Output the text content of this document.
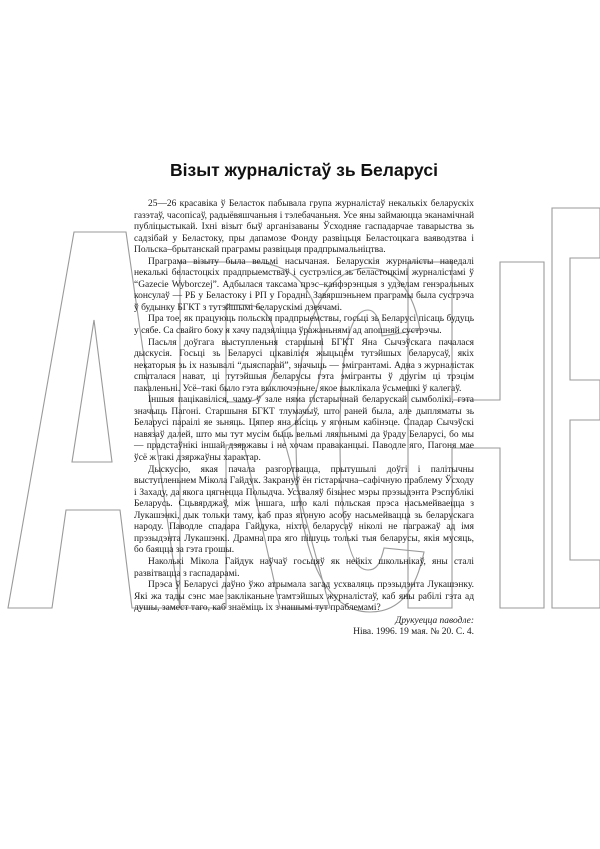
Візыт журналістаў зь Беларусі

25—26 красавіка ў Беласток пабывала група журналістаў некалькіх беларускіх газэтаў, часопісаў, радыёвяшчаньня і тэлебачаньня. Усе яны займаюцца эканамічнай публіцыстыкай. Іхні візыт быў арганізаваны Ўсходняе гаспадарчае таварыства зь садзібай у Беластоку, пры дапамозе Фонду развіцьця Беластоцкага ваяводзтва і Польска–брытанскай праграмы развіцьця прадпрымальніцтва.

Праграма візыту была вельмі насычаная. Беларускія журналісты наведалі некалькі беластоцкіх прадпрыемстваў і сустрэліся зь беластоцкімі журналістамі ў “Gazecie Wyborczej”. Адбылася таксама прэс–канфэрэнцыя з удзелам генэральных консулаў — РБ у Беластоку і РП у Горадні. Завяршэньнем праграмы была сустрэча ў будынку БГКТ з тутэйшымі беларускімі дзеячамі.

Пра тое, як працуюць польскія прадпрыемствы, госьці зь Беларусі пісаць будуць у сябе. Са свайго боку я хачу падзяліцца ўражаньнямі ад апошняй сустрэчы.

Пасьля доўгага выступленьня старшыні БГКТ Яна Сычэўскага пачалася дыскусія. Госьці зь Беларусі цікавіліся жыцьцём тутэйшых беларусаў, якіх некаторыя зь іх называлі “дыяспарай”, значыць — эмігрантамі. Адна з журналістак спыталася нават, ці тутэйшыя беларусы гэта эмігранты ў другім ці трэцім пакаленьні. Усё–такі было гэта выключэньне, якое выклікала ўсьмешкі ў калегаў.

Іншыя пацікавіліся, чаму ў зале няма гістарычнай беларускай сымболікі, гэта значыць Пагоні. Старшыня БГКТ тлумачыў, што раней была, але дыпляматы зь Беларусі параілі яе зьняць. Цяпер яна вісіць у ягоным кабінэце. Спадар Сычэўскі навязаў далей, што мы тут мусім быць вельмі ляяльнымі да ўраду Беларусі, бо мы — прадстаўнікі іншай дзяржавы і не хочам праваканцыі. Паводле яго, Пагоня мае ўсё ж такі дзяржаўны характар.

Дыскусію, якая пачала разгортвацца, прытушылі доўгі і палітычны выступленьнем Мікола Гайдук. Закрануў ён гістарычна–сафічную праблему Ўсходу і Захаду, да якога цягнецца Полыдча. Усхваляў бізьнес мэры прэзыдэнта Рэспублікі Беларусь. Сцьвярджаў, між іншага, што калі польская прэса насьмейваецца з Лукашэнкі, дык тольки таму, каб праз ягоную асобу насьмейвацца зь беларускага народу. Паводле спадара Гайдука, ніхто беларусаў ніколі не пагражаў ад імя прэзыдэнта Лукашэнкі. Драмна пра яго пішуць толькі тыя беларусы, якія мусяць, бо баяцца за гэта грошы.

Наколькі Мікола Гайдук наўчаў госьцяў як нейкіх школьнікаў, яны сталі развітвацца з гаспадарамі.

Прэса ў Беларусі даўно ўжо атрымала загад усхваляць прэзыдэнта Лукашэнку. Які жа тады сэнс мае закліканьне тамтэйшых журналістаў, каб яны рабілі гэта ад душы, замест таго, каб знаёміць іх з нашымі тут праблемамі?

Друкуецца паводле:
Ніва. 1996. 19 мая. № 20. С. 4.
